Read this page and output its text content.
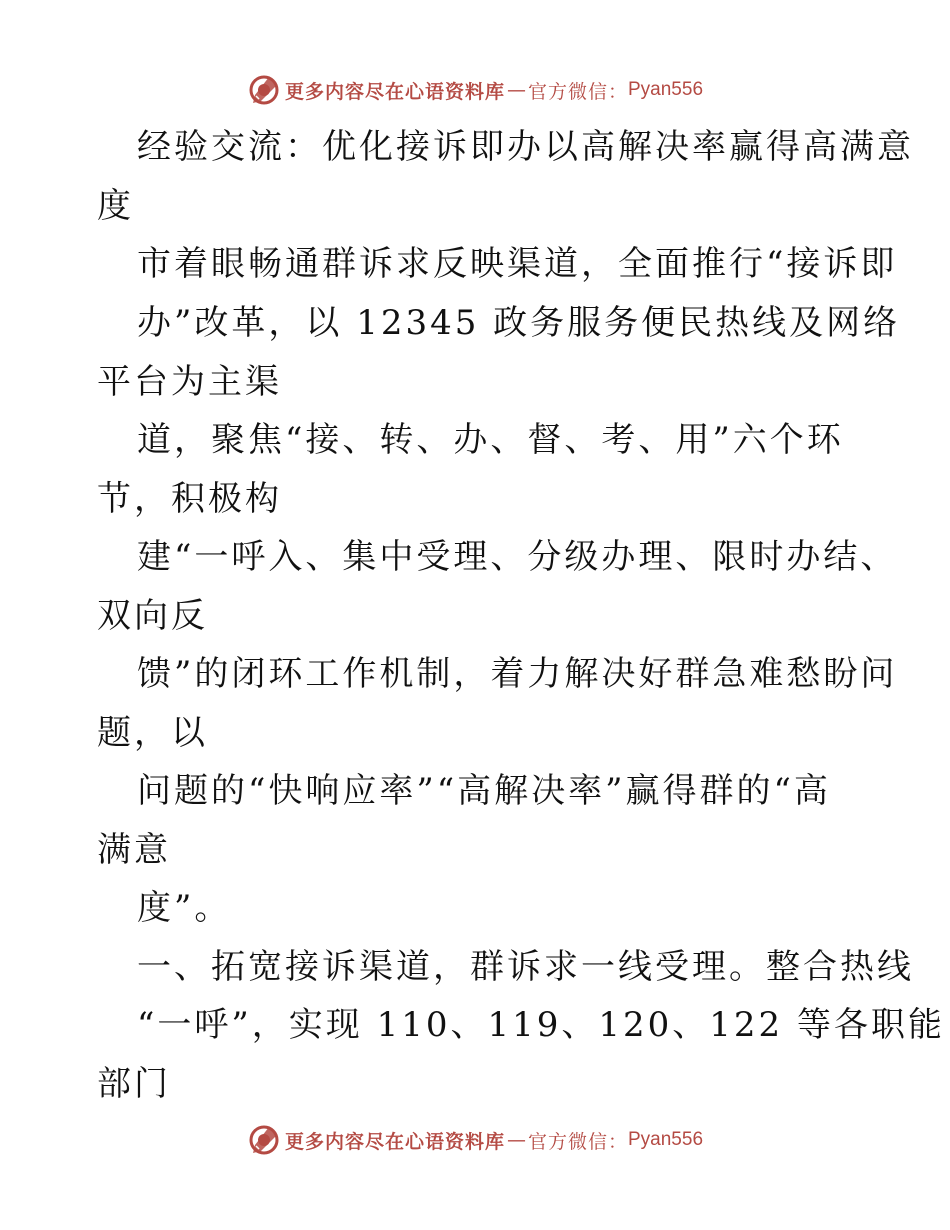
更多内容尽在心语资料库 — 官方微信： Pyan556
经验交流：优化接诉即办以高解决率赢得高满意
度
市着眼畅通群诉求反映渠道，全面推行“接诉即
办”改革，以 12345 政务服务便民热线及网络
平台为主渠
道，聚焦“接、转、办、督、考、用”六个环
节，积极构
建“一呼入、集中受理、分级办理、限时办结、
双向反
馈”的闭环工作机制，着力解决好群急难愁盼问
题，以
问题的“快响应率”“高解决率”赢得群的“高
满意
度”。
一、拓宽接诉渠道，群诉求一线受理。整合热线
“一呼”，实现 110、119、120、122 等各职能
部门
更多内容尽在心语资料库 — 官方微信： Pyan556
